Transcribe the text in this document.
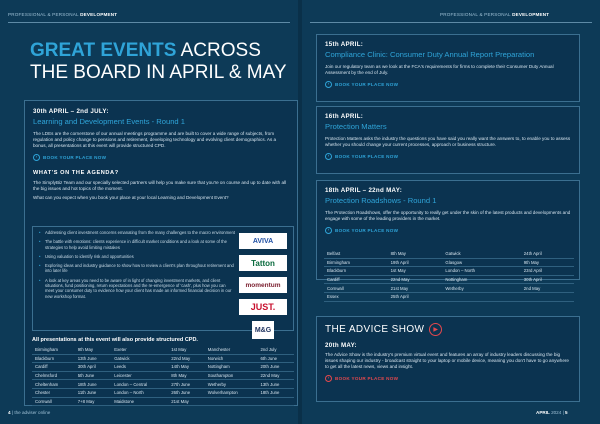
PROFESSIONAL & PERSONAL DEVELOPMENT	PROFESSIONAL & PERSONAL DEVELOPMENT
GREAT EVENTS ACROSS
THE BOARD IN APRIL & MAY
30th APRIL – 2nd JULY:
Learning and Development Events - Round 1
The LDEs are the cornerstone of our annual meetings programme and are built to cover a wide range of subjects, from regulation and policy change to pensions and retirement, developing technology and evolving client demographics. As a bonus, all presentations at this event will provide structured CPD.
›	BOOK YOUR PLACE NOW
WHAT'S ON THE AGENDA?
The SimplyBiz Team and our specially selected partners will help you make sure that you're on course and up to date with all the big issues and hot topics of the moment.
What can you expect when you book your place at your local Learning and Development Event?
• Addressing client investment concerns emanating from the many challenges to the macro environment
• The battle with emotions: clients experience in difficult market conditions and a look at some of the strategies to help avoid limiting mistakes
• Using valuation to identify risk and opportunities
• Exploring ideas and industry guidance to show how to review a client's plan throughout retirement and into later life
• A look at key areas you need to be aware of in light of changing investment markets, and client situations, fund positioning, return expectations and the re-emergence of 'cash', plus how you can meet your consumer duty to evidence how your client has made an informed financial decision in our new workshop format.
AVIVA
Tatton
momentum
JUST.
M&G
All presentations at this event will also provide structured CPD.
Birmingham	9th May	Exeter	1st May	Manchester	2nd July
Blackburn	13th June	Gatwick	22nd May	Norwich	6th June
Cardiff	30th April	Leeds	14th May	Nottingham	20th June
Chelmsford	5th June	Leicester	8th May	Southampton	22nd May
Cheltenham	18th June	London – Central	27th June	Wetherby	13th June
Chester	11th June	London – North	26th June	Wolverhampton	18th June
Cornwall	7+8 May	Maidstone	21st May		
15th APRIL:
Compliance Clinic: Consumer Duty Annual Report Preparation
Join our regulatory team as we look at the FCA's requirements for firms to complete their Consumer Duty Annual Assessment by the end of July.
›	BOOK YOUR PLACE NOW
16th APRIL:
Protection Matters
Protection Matters asks the industry the questions you have said you really want the answers to, to enable you to assess whether you should change your current processes, approach or business structure.
›	BOOK YOUR PLACE NOW
18th APRIL – 22nd MAY:
Protection Roadshows - Round 1
The Protection Roadshows, offer the opportunity to really get under the skin of the latest products and developments and engage with some of the leading providers in the market.
›	BOOK YOUR PLACE NOW
Belfast	8th May	Gatwick	24th April
Birmingham	19th April	Glasgow	9th May
Blackburn	1st May	London – North	23rd April
Cardiff	22nd May	Nottingham	30th April
Cornwall	21st May	Wetherby	2nd May
Essex	25th April		
THE ADVICE SHOW	▶
20th MAY:
The Advice Show is the industry's premium virtual event and features an array of industry leaders discussing the big issues shaping our industry - broadcast straight to your laptop or mobile device, meaning you don't have to go anywhere to get all the latest news, views and insight.
›	BOOK YOUR PLACE NOW
4 | the adviser online	APRIL 2024 | 5
